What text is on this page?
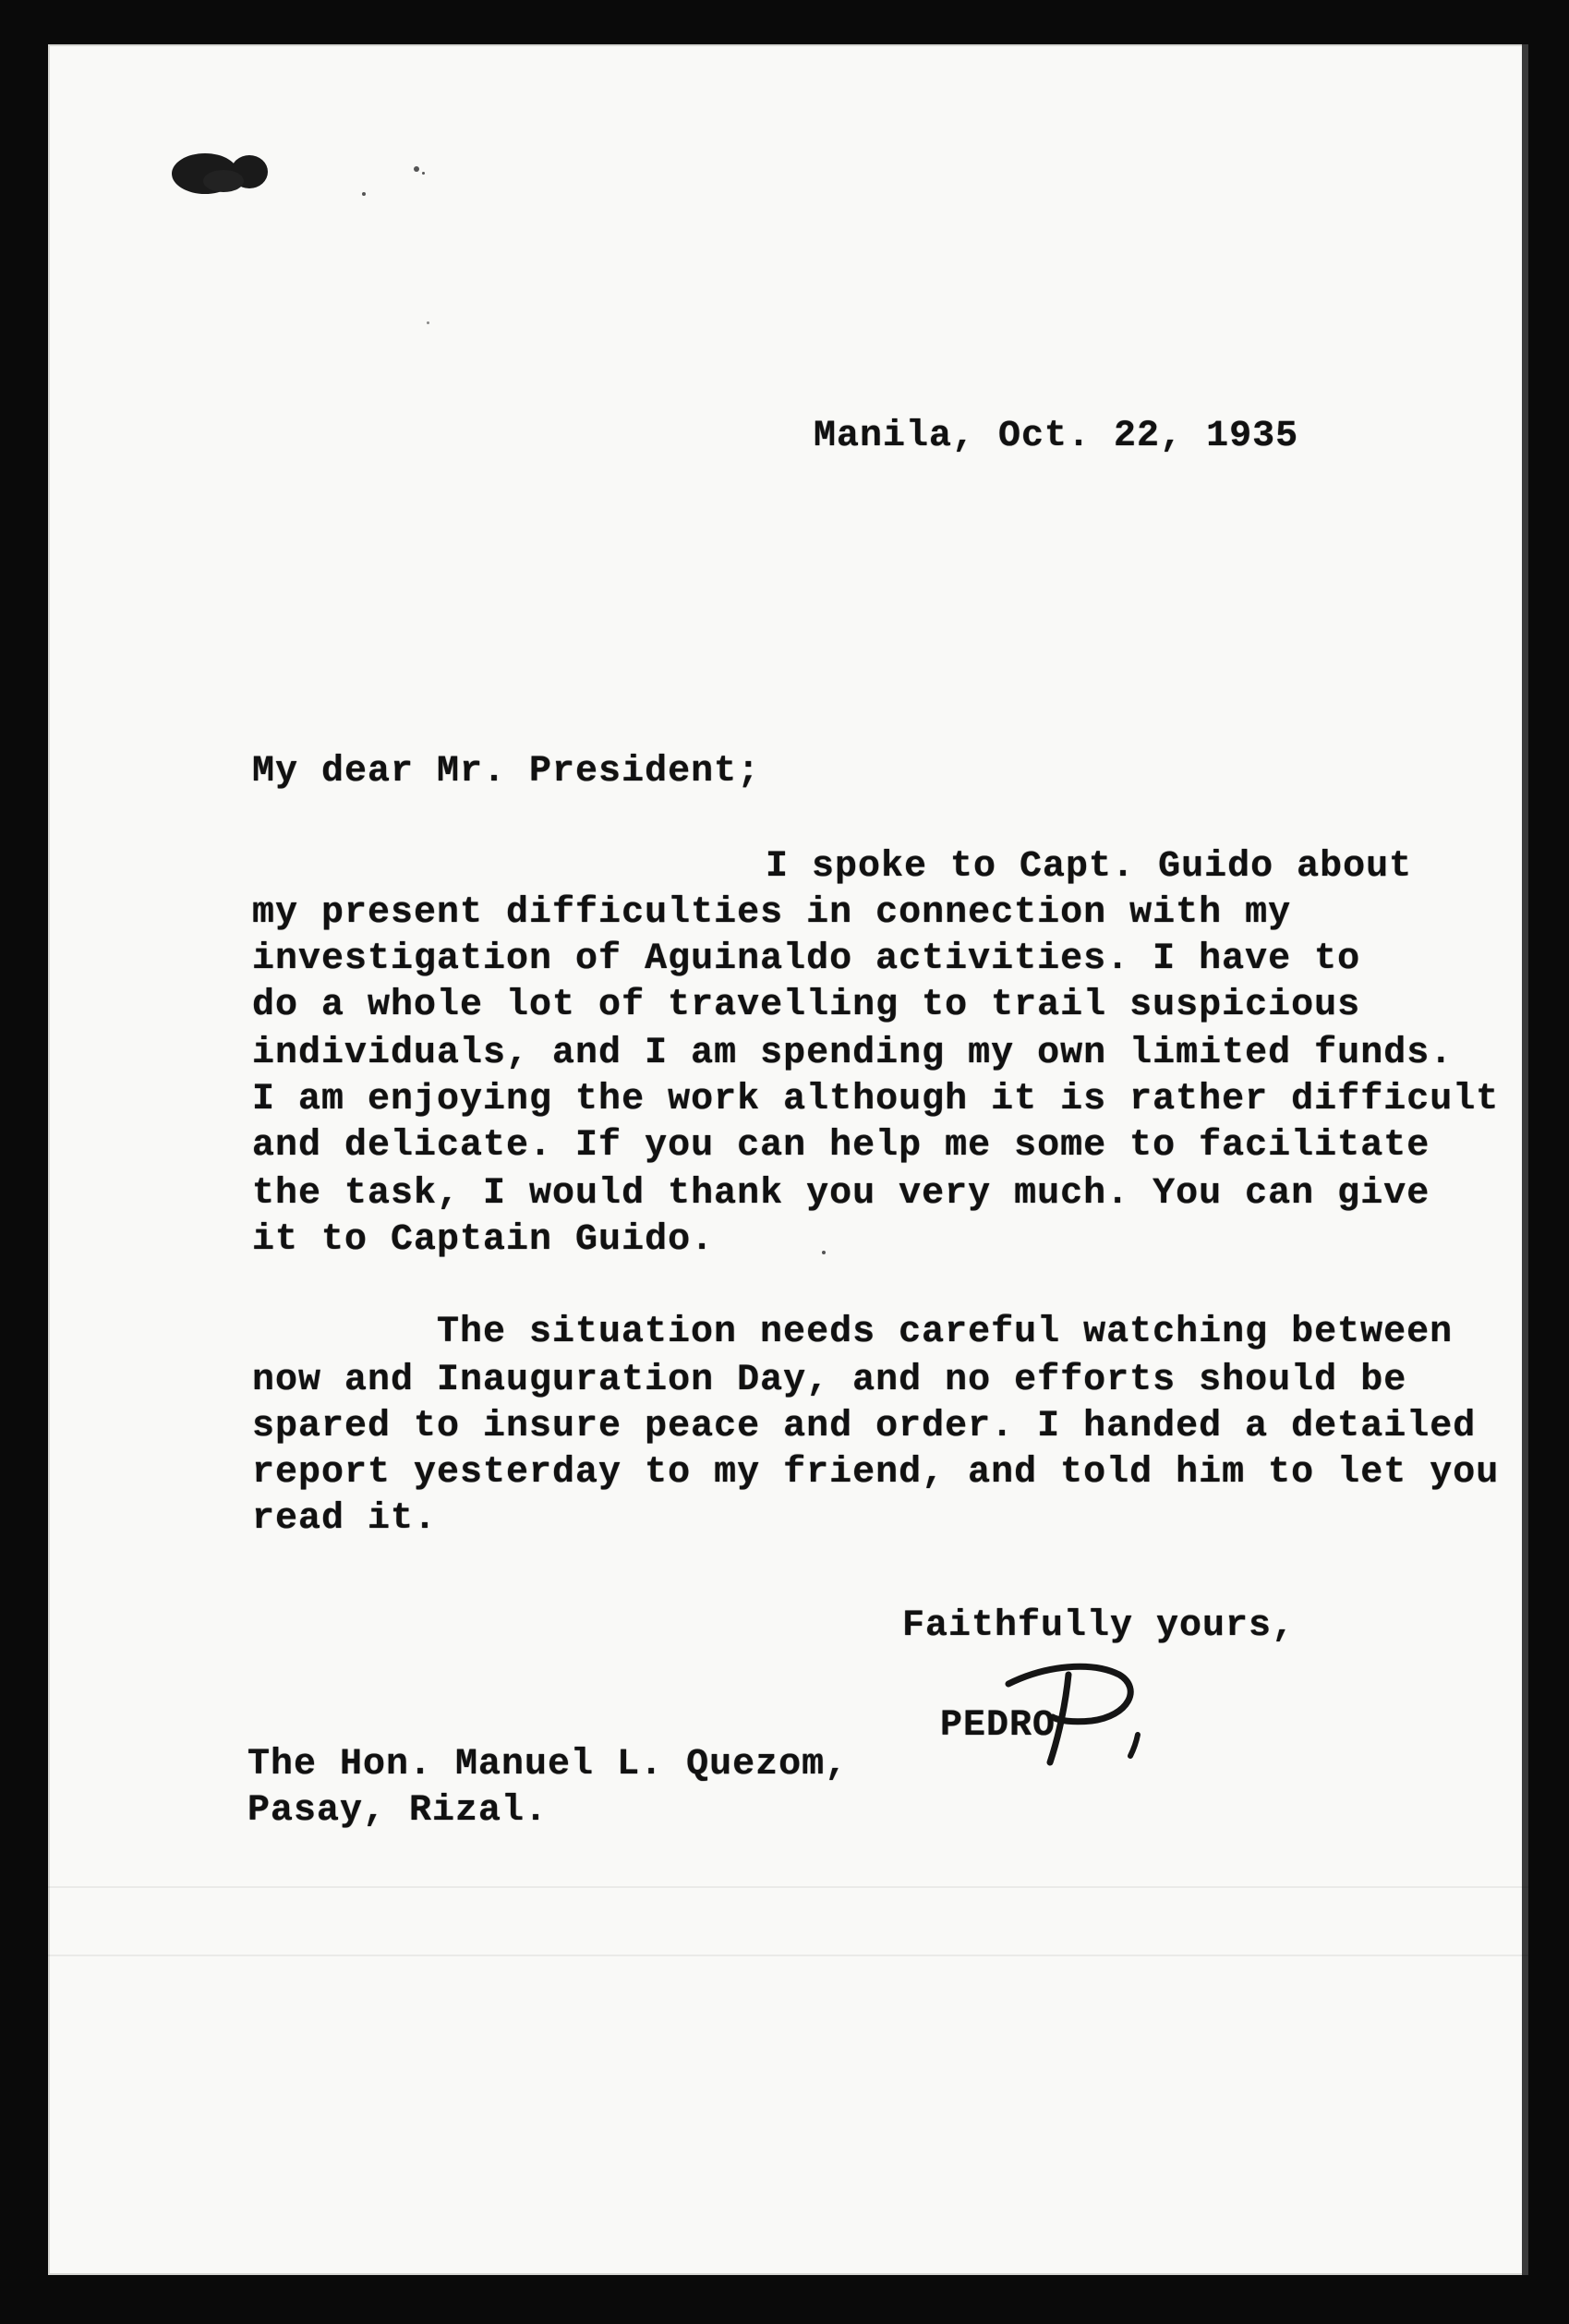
Manila, Oct. 22, 1935
My dear Mr. President;
I spoke to Capt. Guido about
my present difficulties in connection with my
investigation of Aguinaldo activities. I have to
do a whole lot of travelling to trail suspicious
individuals, and I am spending my own limited funds.
I am enjoying the work although it is rather difficult
and delicate. If you can help me some to facilitate
the task, I would thank you very much. You can give
it to Captain Guido.
The situation needs careful watching between
now and Inauguration Day, and no efforts should be
spared to insure peace and order. I handed a detailed
report yesterday to my friend, and told him to let you
read it.
Faithfully yours,
PEDRO
The Hon. Manuel L. Quezom,
Pasay, Rizal.
